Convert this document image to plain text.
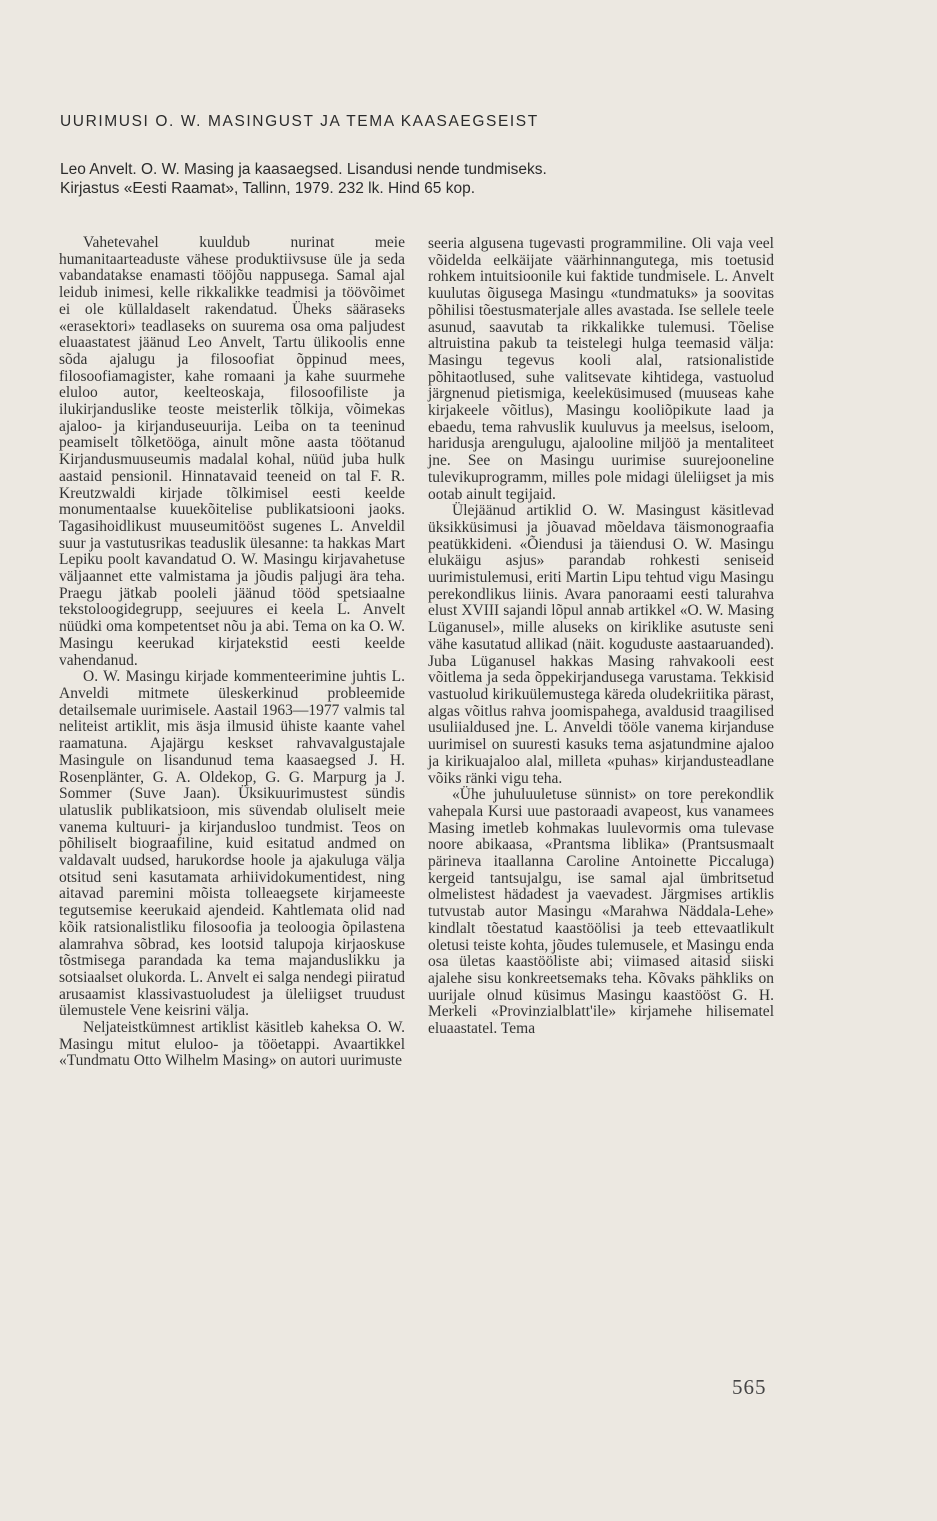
UURIMUSI O. W. MASINGUST JA TEMA KAASAEGSEIST
Leo Anvelt. O. W. Masing ja kaasaegsed. Lisandusi nende tundmiseks.
Kirjastus «Eesti Raamat», Tallinn, 1979. 232 lk. Hind 65 kop.

Vahetevahel kuuldub nurinat meie humanitaarteaduste vähese produktiivsuse üle ja seda vabandatakse enamasti tööjõu nappusega. Samal ajal leidub inimesi, kelle rikkalikke teadmisi ja töövõimet ei ole küllaldaselt rakendatud. Üheks sääraseks «erasektori» teadlaseks on suurema osa oma paljudest eluaastatest jäänud Leo Anvelt, Tartu ülikoolis enne sõda ajalugu ja filosoofiat õppinud mees, filosoofiamagister, kahe romaani ja kahe suurmehe eluloo autor, keelteoskaja, filosoofiliste ja ilukirjanduslike teoste meisterlik tõlkija, võimekas ajaloo- ja kirjanduseuurija. Leiba on ta teeninud peamiselt tõlketööga, ainult mõne aasta töötanud Kirjandusmuuseumis madalal kohal, nüüd juba hulk aastaid pensionil. Hinnatavaid teeneid on tal F. R. Kreutzwaldi kirjade tõlkimisel eesti keelde monumentaalse kuuekõitelise publikatsiooni jaoks. Tagasihoidlikust muuseumitööst sugenes L. Anveldil suur ja vastutusrikas teaduslik ülesanne: ta hakkas Mart Lepiku poolt kavandatud O. W. Masingu kirjavahetuse väljaannet ette valmistama ja jõudis paljugi ära teha. Praegu jätkab pooleli jäänud tööd spetsiaalne tekstoloogidegrupp, seejuures ei keela L. Anvelt nüüdki oma kompetentset nõu ja abi. Tema on ka O. W. Masingu keerukad kirjatekstid eesti keelde vahendanud.

O. W. Masingu kirjade kommenteerimine juhtis L. Anveldi mitmete üleskerkinud probleemide detailsemale uurimisele. Aastail 1963—1977 valmis tal neliteist artiklit, mis äsja ilmusid ühiste kaante vahel raamatuna. Ajajärgu keskset rahvavalgustajale Masingule on lisandunud tema kaasaegsed J. H. Rosenplänter, G. A. Oldekop, G. G. Marpurg ja J. Sommer (Suve Jaan). Üksikuurimustest sündis ulatuslik publikatsioon, mis süvendab oluliselt meie vanema kultuuri- ja kirjandusloo tundmist. Teos on põhiliselt biograafiline, kuid esitatud andmed on valdavalt uudsed, harukordse hoole ja ajakuluga välja otsitud seni kasutamata arhiividokumentidest, ning aitavad paremini mõista tolleaegsete kirjameeste tegutsemise keerukaid ajendeid. Kahtlemata olid nad kõik ratsionalistliku filosoofia ja teoloogia õpilastena alamrahva sõbrad, kes lootsid talupoja kirjaoskuse tõstmisega parandada ka tema majanduslikku ja sotsiaalset olukorda. L. Anvelt ei salga nendegi piiratud arusaamist klassivastuoludest ja üleliigset truudust ülemustele Vene keisrini välja.

Neljateistkümnest artiklist käsitleb kaheksa O. W. Masingu mitut eluloo- ja tööetappi. Avaartikkel «Tundmatu Otto Wilhelm Masing» on autori uurimuste

seeria algusena tugevasti programmiline. Oli vaja veel võidelda eelkäijate väärhinnangutega, mis toetusid rohkem intuitsioonile kui faktide tundmisele. L. Anvelt kuulutas õigusega Masingu «tundmatuks» ja soovitas põhilisi tõestusmaterjale alles avastada. Ise sellele teele asunud, saavutab ta rikkalikke tulemusi. Tõelise altruistina pakub ta teistelegi hulga teemasid välja: Masingu tegevus kooli alal, ratsionalistide põhitaotlused, suhe valitsevate kihtidega, vastuolud järgnenud pietismiga, keeleküsimused (muuseas kahe kirjakeele võitlus), Masingu kooliõpikute laad ja ebaedu, tema rahvuslik kuuluvus ja meelsus, iseloom, haridusja arengulugu, ajalooline miljöö ja mentaliteet jne. See on Masingu uurimise suurejooneline tulevikuprogramm, milles pole midagi üleliigset ja mis ootab ainult tegijaid.

Ülejäänud artiklid O. W. Masingust käsitlevad üksikküsimusi ja jõuavad mõeldava täismonograafia peatükkideni. «Õiendusi ja täiendusi O. W. Masingu elukäigu asjus» parandab rohkesti seniseid uurimistulemusi, eriti Martin Lipu tehtud vigu Masingu perekondlikus liinis. Avara panoraami eesti talurahva elust XVIII sajandi lõpul annab artikkel «O. W. Masing Lüganusel», mille aluseks on kiriklike asutuste seni vähe kasutatud allikad (näit. koguduste aastaaruanded). Juba Lüganusel hakkas Masing rahvakooli eest võitlema ja seda õppekirjandusega varustama. Tekkisid vastuolud kirikuülemustega käreda oludekriitika pärast, algas võitlus rahva joomispahega, avaldusid traagilised usuliialdused jne. L. Anveldi tööle vanema kirjanduse uurimisel on suuresti kasuks tema asjatundmine ajaloo ja kirikuajaloo alal, milleta «puhas» kirjandusteadlane võiks ränki vigu teha.

«Ühe juhuluuletuse sünnist» on tore perekondlik vahepala Kursi uue pastoraadi avapeost, kus vanamees Masing imetleb kohmakas luulevormis oma tulevase noore abikaasa, «Prantsma liblika» (Prantsusmaalt pärineva itaallanna Caroline Antoinette Piccaluga) kergeid tantsujalgu, ise samal ajal ümbritsetud olmelistest hädadest ja vaevadest. Järgmises artiklis tutvustab autor Masingu «Marahwa Näddala-Lehe» kindlalt tõestatud kaastöölisi ja teeb ettevaatlikult oletusi teiste kohta, jõudes tulemusele, et Masingu enda osa ületas kaastööliste abi; viimased aitasid siiski ajalehe sisu konkreetsemaks teha. Kõvaks pähkliks on uurijale olnud küsimus Masingu kaastööst G. H. Merkeli «Provinzialblatt'ile» kirjamehe hilisematel eluaastatel. Tema

565
